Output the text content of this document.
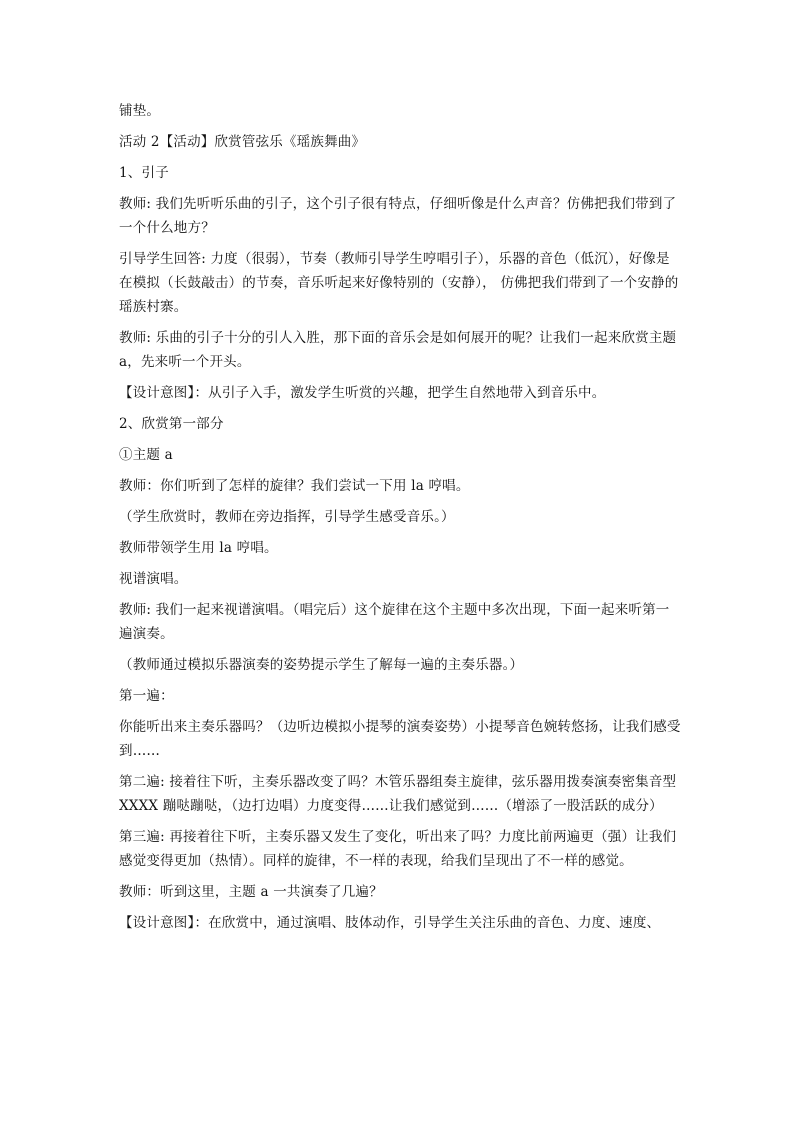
铺垫。

活动 2【活动】欣赏管弦乐《瑶族舞曲》

1、引子

教师: 我们先听听乐曲的引子，这个引子很有特点，仔细听像是什么声音？仿佛把我们带到了一个什么地方？

引导学生回答: 力度（很弱），节奏（教师引导学生哼唱引子），乐器的音色（低沉），好像是在模拟（长鼓敲击）的节奏，音乐听起来好像特别的（安静）， 仿佛把我们带到了一个安静的瑶族村寨。

教师: 乐曲的引子十分的引人入胜，那下面的音乐会是如何展开的呢？让我们一起来欣赏主题 a，先来听一个开头。

【设计意图】：从引子入手，激发学生听赏的兴趣，把学生自然地带入到音乐中。

2、欣赏第一部分

①主题 a

教师：你们听到了怎样的旋律？我们尝试一下用 la 哼唱。

（学生欣赏时，教师在旁边指挥，引导学生感受音乐。）

教师带领学生用 la 哼唱。

视谱演唱。

教师: 我们一起来视谱演唱。（唱完后）这个旋律在这个主题中多次出现，下面一起来听第一遍演奏。

（教师通过模拟乐器演奏的姿势提示学生了解每一遍的主奏乐器。）

第一遍：

你能听出来主奏乐器吗？（边听边模拟小提琴的演奏姿势）小提琴音色婉转悠扬，让我们感受到……

第二遍: 接着往下听，主奏乐器改变了吗？木管乐器组奏主旋律，弦乐器用拨奏演奏密集音型 XXXX 蹦哒蹦哒，（边打边唱）力度变得……让我们感觉到……（增添了一股活跃的成分）

第三遍: 再接着往下听，主奏乐器又发生了变化，听出来了吗？力度比前两遍更（强）让我们感觉变得更加（热情）。同样的旋律，不一样的表现，给我们呈现出了不一样的感觉。

教师：听到这里，主题 a 一共演奏了几遍？

【设计意图】：在欣赏中，通过演唱、肢体动作，引导学生关注乐曲的音色、力度、速度、
